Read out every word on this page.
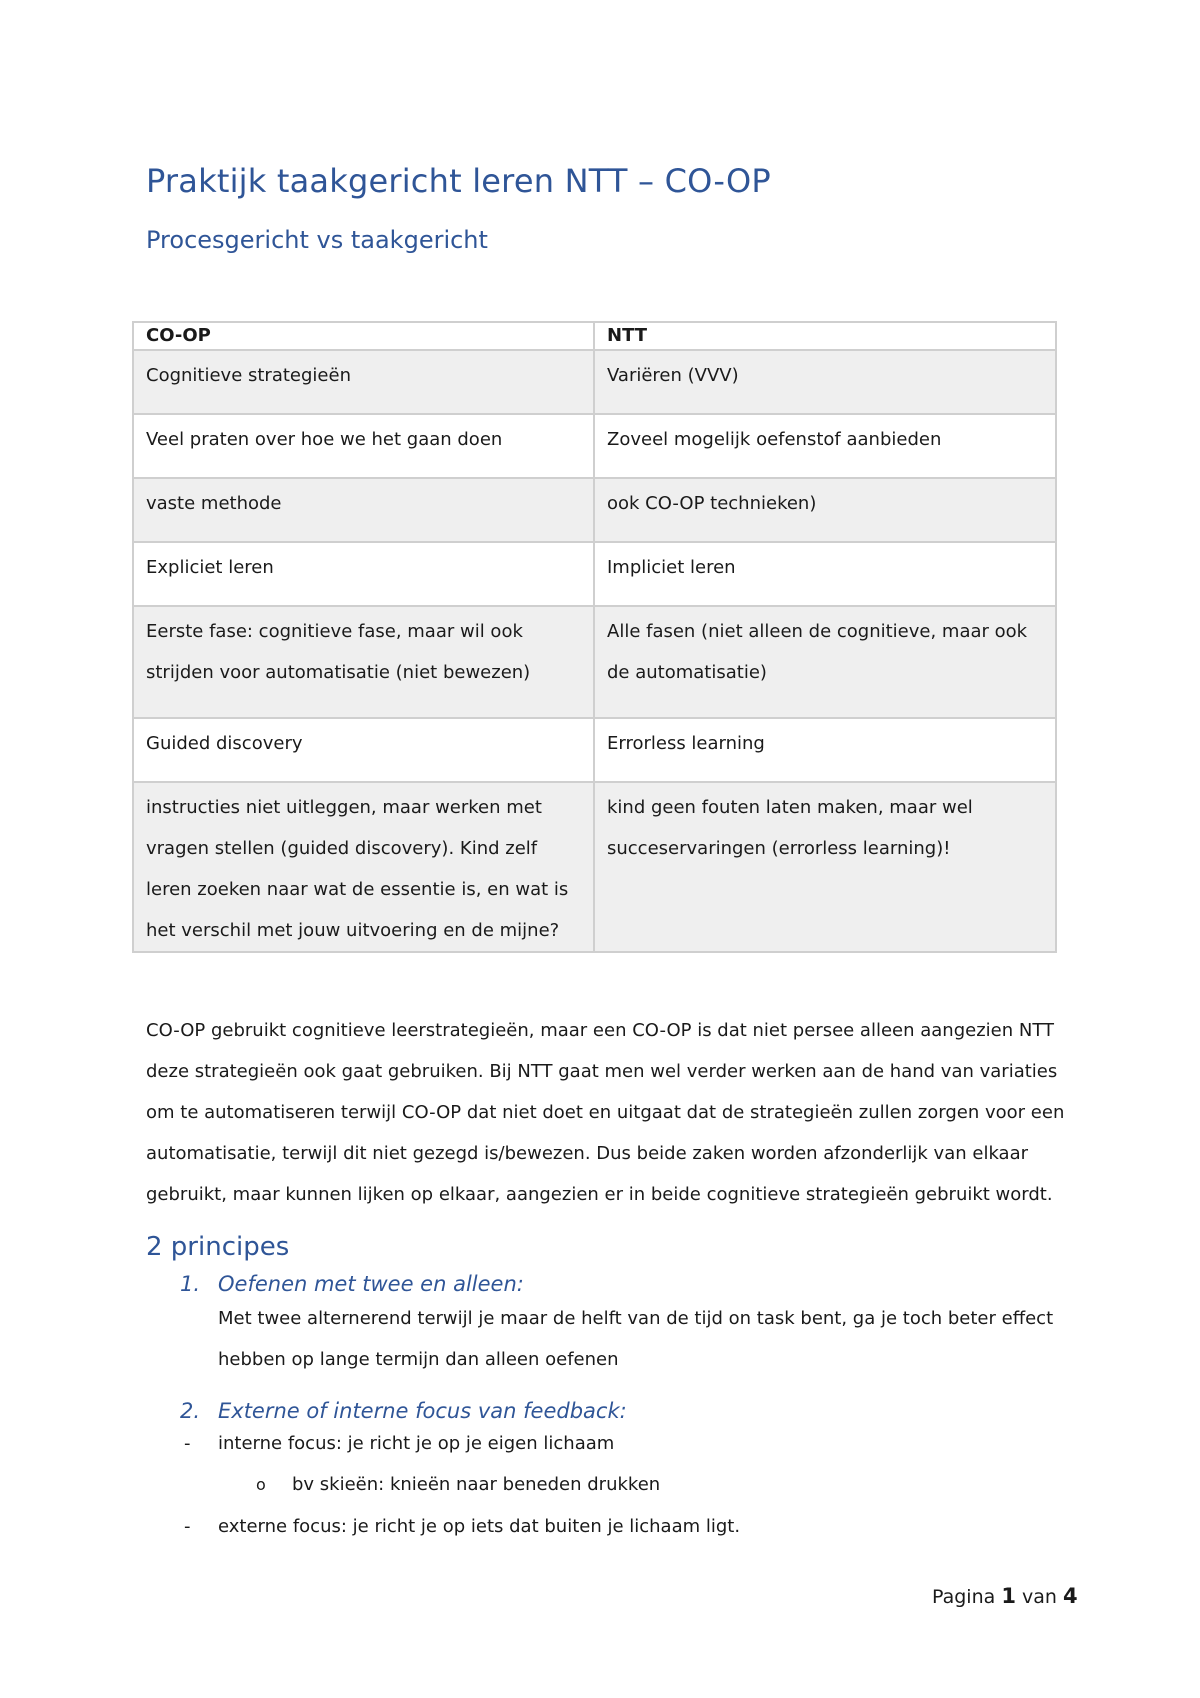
Praktijk taakgericht leren NTT – CO-OP
Procesgericht vs taakgericht
CO-OP	NTT
Cognitieve strategieën	Variëren (VVV)
Veel praten over hoe we het gaan doen	Zoveel mogelijk oefenstof aanbieden
vaste methode	ook CO-OP technieken)
Expliciet leren	Impliciet leren
Eerste fase: cognitieve fase, maar wil ook strijden voor automatisatie (niet bewezen)	Alle fasen (niet alleen de cognitieve, maar ook de automatisatie)
Guided discovery	Errorless learning
instructies niet uitleggen, maar werken met vragen stellen (guided discovery). Kind zelf leren zoeken naar wat de essentie is, en wat is het verschil met jouw uitvoering en de mijne?	kind geen fouten laten maken, maar wel succeservaringen (errorless learning)!

CO-OP gebruikt cognitieve leerstrategieën, maar een CO-OP is dat niet persee alleen aangezien NTT deze strategieën ook gaat gebruiken. Bij NTT gaat men wel verder werken aan de hand van variaties om te automatiseren terwijl CO-OP dat niet doet en uitgaat dat de strategieën zullen zorgen voor een automatisatie, terwijl dit niet gezegd is/bewezen. Dus beide zaken worden afzonderlijk van elkaar gebruikt, maar kunnen lijken op elkaar, aangezien er in beide cognitieve strategieën gebruikt wordt.

2 principes

1. Oefenen met twee en alleen:

Met twee alternerend terwijl je maar de helft van de tijd on task bent, ga je toch beter effect hebben op lange termijn dan alleen oefenen

2. Externe of interne focus van feedback:

- interne focus: je richt je op je eigen lichaam

o bv skieën: knieën naar beneden drukken

- externe focus: je richt je op iets dat buiten je lichaam ligt.

Pagina 1 van 4
